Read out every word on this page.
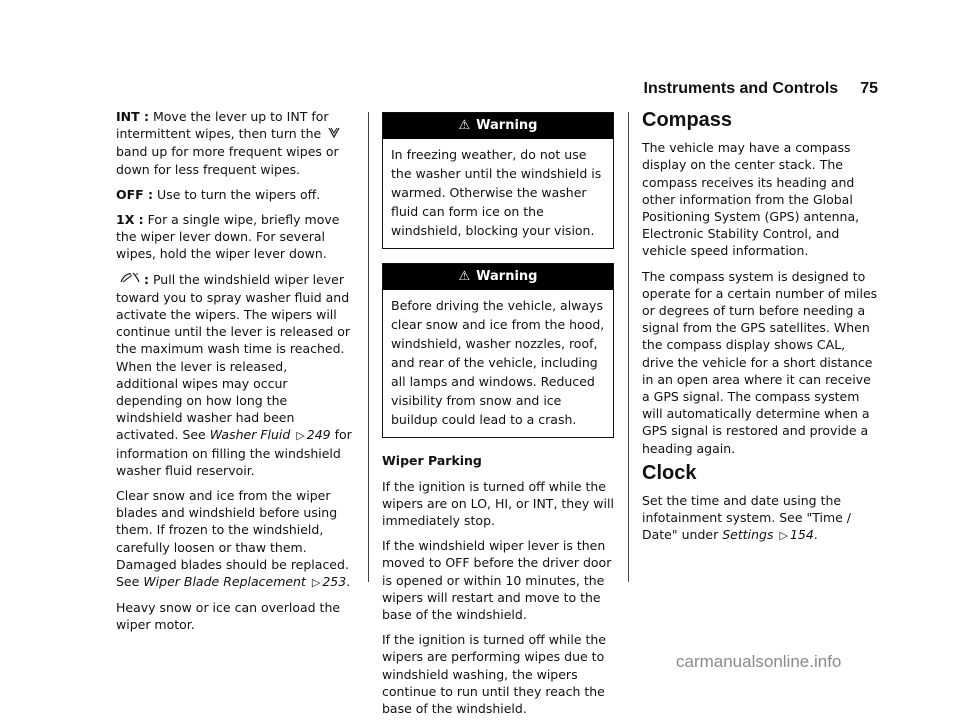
Instruments and Controls 75

INT : Move the lever up to INT for intermittent wipes, then turn the  band up for more frequent wipes or down for less frequent wipes.

OFF : Use to turn the wipers off.

1X : For a single wipe, briefly move the wiper lever down. For several wipes, hold the wiper lever down.

: Pull the windshield wiper lever toward you to spray washer fluid and activate the wipers. The wipers will continue until the lever is released or the maximum wash time is reached. When the lever is released, additional wipes may occur depending on how long the windshield washer had been activated. See Washer Fluid ▷ 249 for information on filling the windshield washer fluid reservoir.

Clear snow and ice from the wiper blades and windshield before using them. If frozen to the windshield, carefully loosen or thaw them. Damaged blades should be replaced. See Wiper Blade Replacement ▷ 253.

Heavy snow or ice can overload the wiper motor.

⚠ Warning
In freezing weather, do not use the washer until the windshield is warmed. Otherwise the washer fluid can form ice on the windshield, blocking your vision.
⚠ Warning
Before driving the vehicle, always clear snow and ice from the hood, windshield, washer nozzles, roof, and rear of the vehicle, including all lamps and windows. Reduced visibility from snow and ice buildup could lead to a crash.
Wiper Parking

If the ignition is turned off while the wipers are on LO, HI, or INT, they will immediately stop.

If the windshield wiper lever is then moved to OFF before the driver door is opened or within 10 minutes, the wipers will restart and move to the base of the windshield.

If the ignition is turned off while the wipers are performing wipes due to windshield washing, the wipers continue to run until they reach the base of the windshield.

Compass

The vehicle may have a compass display on the center stack. The compass receives its heading and other information from the Global Positioning System (GPS) antenna, Electronic Stability Control, and vehicle speed information.

The compass system is designed to operate for a certain number of miles or degrees of turn before needing a signal from the GPS satellites. When the compass display shows CAL, drive the vehicle for a short distance in an open area where it can receive a GPS signal. The compass system will automatically determine when a GPS signal is restored and provide a heading again.

Clock

Set the time and date using the infotainment system. See "Time / Date" under Settings ▷ 154.

carmanualsonline.info
